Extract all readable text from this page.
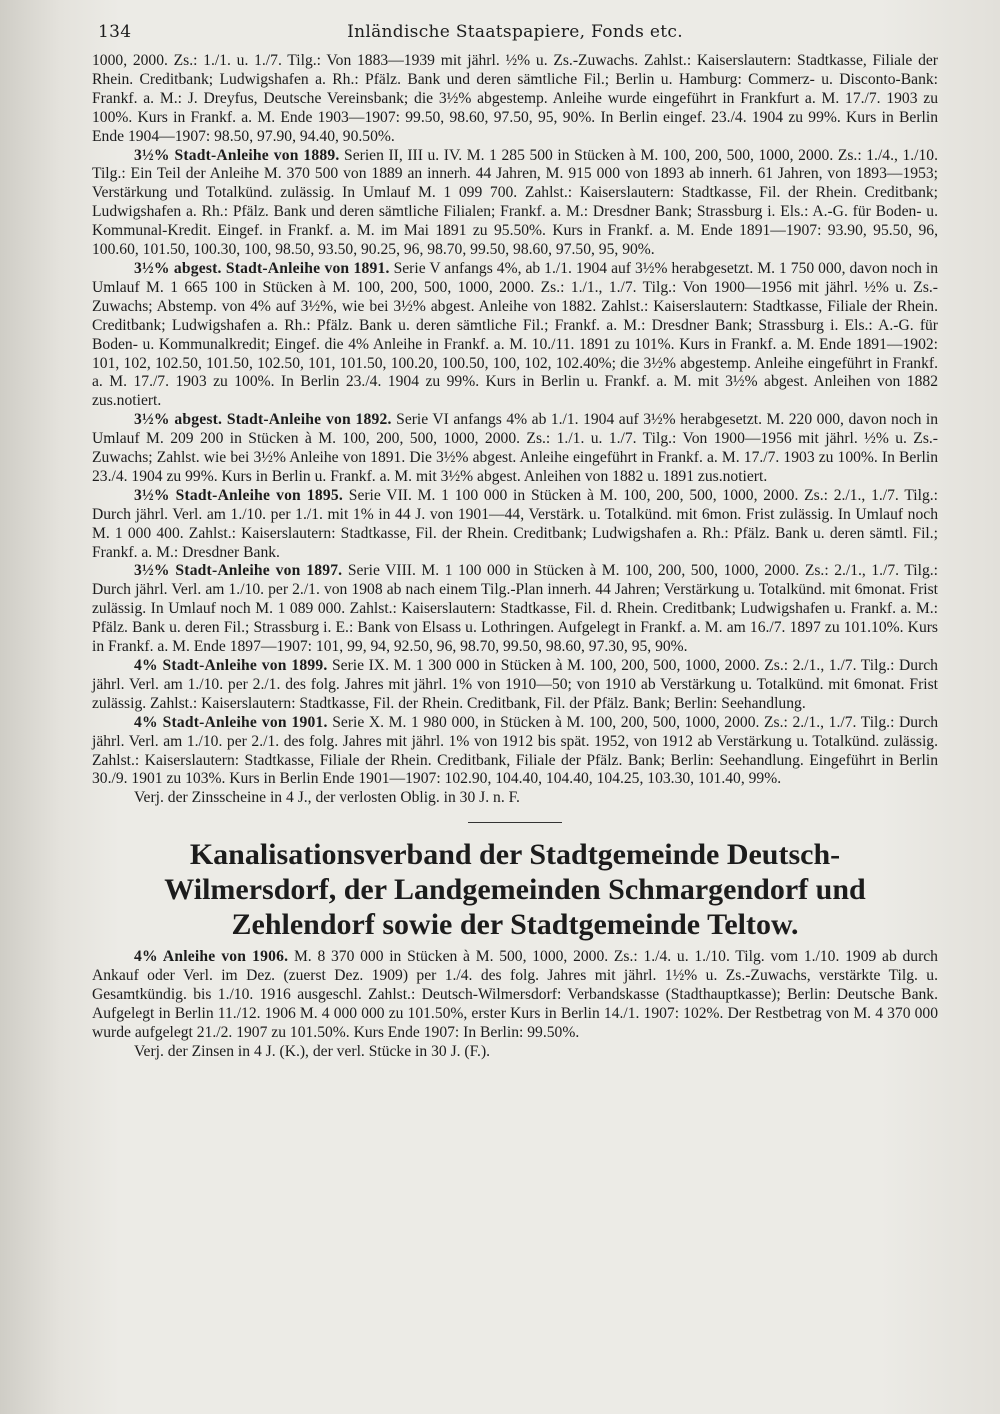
134	Inländische Staatspapiere, Fonds etc.

1000, 2000. Zs.: 1./1. u. 1./7. Tilg.: Von 1883—1939 mit jährl. ½% u. Zs.-Zuwachs. Zahlst.: Kaiserslautern: Stadtkasse, Filiale der Rhein. Creditbank; Ludwigshafen a. Rh.: Pfälz. Bank und deren sämtliche Fil.; Berlin u. Hamburg: Commerz- u. Disconto-Bank: Frankf. a. M.: J. Dreyfus, Deutsche Vereinsbank; die 3½% abgestemp. Anleihe wurde eingeführt in Frankfurt a. M. 17./7. 1903 zu 100%. Kurs in Frankf. a. M. Ende 1903—1907: 99.50, 98.60, 97.50, 95, 90%. In Berlin eingef. 23./4. 1904 zu 99%. Kurs in Berlin Ende 1904—1907: 98.50, 97.90, 94.40, 90.50%.

3½% Stadt-Anleihe von 1889. Serien II, III u. IV. M. 1 285 500 in Stücken à M. 100, 200, 500, 1000, 2000. Zs.: 1./4., 1./10. Tilg.: Ein Teil der Anleihe M. 370 500 von 1889 an innerh. 44 Jahren, M. 915 000 von 1893 ab innerh. 61 Jahren, von 1893—1953; Verstärkung und Totalkünd. zulässig. In Umlauf M. 1 099 700. Zahlst.: Kaiserslautern: Stadtkasse, Fil. der Rhein. Creditbank; Ludwigshafen a. Rh.: Pfälz. Bank und deren sämtliche Filialen; Frankf. a. M.: Dresdner Bank; Strassburg i. Els.: A.-G. für Boden- u. Kommunal-Kredit. Eingef. in Frankf. a. M. im Mai 1891 zu 95.50%. Kurs in Frankf. a. M. Ende 1891—1907: 93.90, 95.50, 96, 100.60, 101.50, 100.30, 100, 98.50, 93.50, 90.25, 96, 98.70, 99.50, 98.60, 97.50, 95, 90%.

3½% abgest. Stadt-Anleihe von 1891. Serie V anfangs 4%, ab 1./1. 1904 auf 3½% herabgesetzt. M. 1 750 000, davon noch in Umlauf M. 1 665 100 in Stücken à M. 100, 200, 500, 1000, 2000. Zs.: 1./1., 1./7. Tilg.: Von 1900—1956 mit jährl. ½% u. Zs.-Zuwachs; Abstemp. von 4% auf 3½%, wie bei 3½% abgest. Anleihe von 1882. Zahlst.: Kaiserslautern: Stadtkasse, Filiale der Rhein. Creditbank; Ludwigshafen a. Rh.: Pfälz. Bank u. deren sämtliche Fil.; Frankf. a. M.: Dresdner Bank; Strassburg i. Els.: A.-G. für Boden- u. Kommunalkredit; Eingef. die 4% Anleihe in Frankf. a. M. 10./11. 1891 zu 101%. Kurs in Frankf. a. M. Ende 1891—1902: 101, 102, 102.50, 101.50, 102.50, 101, 101.50, 100.20, 100.50, 100, 102, 102.40%; die 3½% abgestemp. Anleihe eingeführt in Frankf. a. M. 17./7. 1903 zu 100%. In Berlin 23./4. 1904 zu 99%. Kurs in Berlin u. Frankf. a. M. mit 3½% abgest. Anleihen von 1882 zus.notiert.

3½% abgest. Stadt-Anleihe von 1892. Serie VI anfangs 4% ab 1./1. 1904 auf 3½% herabgesetzt. M. 220 000, davon noch in Umlauf M. 209 200 in Stücken à M. 100, 200, 500, 1000, 2000. Zs.: 1./1. u. 1./7. Tilg.: Von 1900—1956 mit jährl. ½% u. Zs.-Zuwachs; Zahlst. wie bei 3½% Anleihe von 1891. Die 3½% abgest. Anleihe eingeführt in Frankf. a. M. 17./7. 1903 zu 100%. In Berlin 23./4. 1904 zu 99%. Kurs in Berlin u. Frankf. a. M. mit 3½% abgest. Anleihen von 1882 u. 1891 zus.notiert.

3½% Stadt-Anleihe von 1895. Serie VII. M. 1 100 000 in Stücken à M. 100, 200, 500, 1000, 2000. Zs.: 2./1., 1./7. Tilg.: Durch jährl. Verl. am 1./10. per 1./1. mit 1% in 44 J. von 1901—44, Verstärk. u. Totalkünd. mit 6mon. Frist zulässig. In Umlauf noch M. 1 000 400. Zahlst.: Kaiserslautern: Stadtkasse, Fil. der Rhein. Creditbank; Ludwigshafen a. Rh.: Pfälz. Bank u. deren sämtl. Fil.; Frankf. a. M.: Dresdner Bank.

3½% Stadt-Anleihe von 1897. Serie VIII. M. 1 100 000 in Stücken à M. 100, 200, 500, 1000, 2000. Zs.: 2./1., 1./7. Tilg.: Durch jährl. Verl. am 1./10. per 2./1. von 1908 ab nach einem Tilg.-Plan innerh. 44 Jahren; Verstärkung u. Totalkünd. mit 6monat. Frist zulässig. In Umlauf noch M. 1 089 000. Zahlst.: Kaiserslautern: Stadtkasse, Fil. d. Rhein. Creditbank; Ludwigshafen u. Frankf. a. M.: Pfälz. Bank u. deren Fil.; Strassburg i. E.: Bank von Elsass u. Lothringen. Aufgelegt in Frankf. a. M. am 16./7. 1897 zu 101.10%. Kurs in Frankf. a. M. Ende 1897—1907: 101, 99, 94, 92.50, 96, 98.70, 99.50, 98.60, 97.30, 95, 90%.

4% Stadt-Anleihe von 1899. Serie IX. M. 1 300 000 in Stücken à M. 100, 200, 500, 1000, 2000. Zs.: 2./1., 1./7. Tilg.: Durch jährl. Verl. am 1./10. per 2./1. des folg. Jahres mit jährl. 1% von 1910—50; von 1910 ab Verstärkung u. Totalkünd. mit 6monat. Frist zulässig. Zahlst.: Kaiserslautern: Stadtkasse, Fil. der Rhein. Creditbank, Fil. der Pfälz. Bank; Berlin: Seehandlung.

4% Stadt-Anleihe von 1901. Serie X. M. 1 980 000, in Stücken à M. 100, 200, 500, 1000, 2000. Zs.: 2./1., 1./7. Tilg.: Durch jährl. Verl. am 1./10. per 2./1. des folg. Jahres mit jährl. 1% von 1912 bis spät. 1952, von 1912 ab Verstärkung u. Totalkünd. zulässig. Zahlst.: Kaiserslautern: Stadtkasse, Filiale der Rhein. Creditbank, Filiale der Pfälz. Bank; Berlin: Seehandlung. Eingeführt in Berlin 30./9. 1901 zu 103%. Kurs in Berlin Ende 1901—1907: 102.90, 104.40, 104.40, 104.25, 103.30, 101.40, 99%.

Verj. der Zinsscheine in 4 J., der verlosten Oblig. in 30 J. n. F.

Kanalisationsverband der Stadtgemeinde Deutsch-
Wilmersdorf, der Landgemeinden Schmargendorf und
Zehlendorf sowie der Stadtgemeinde Teltow.

4% Anleihe von 1906. M. 8 370 000 in Stücken à M. 500, 1000, 2000. Zs.: 1./4. u. 1./10. Tilg. vom 1./10. 1909 ab durch Ankauf oder Verl. im Dez. (zuerst Dez. 1909) per 1./4. des folg. Jahres mit jährl. 1½% u. Zs.-Zuwachs, verstärkte Tilg. u. Gesamtkündig. bis 1./10. 1916 ausgeschl. Zahlst.: Deutsch-Wilmersdorf: Verbandskasse (Stadthauptkasse); Berlin: Deutsche Bank. Aufgelegt in Berlin 11./12. 1906 M. 4 000 000 zu 101.50%, erster Kurs in Berlin 14./1. 1907: 102%. Der Restbetrag von M. 4 370 000 wurde aufgelegt 21./2. 1907 zu 101.50%. Kurs Ende 1907: In Berlin: 99.50%.

Verj. der Zinsen in 4 J. (K.), der verl. Stücke in 30 J. (F.).
